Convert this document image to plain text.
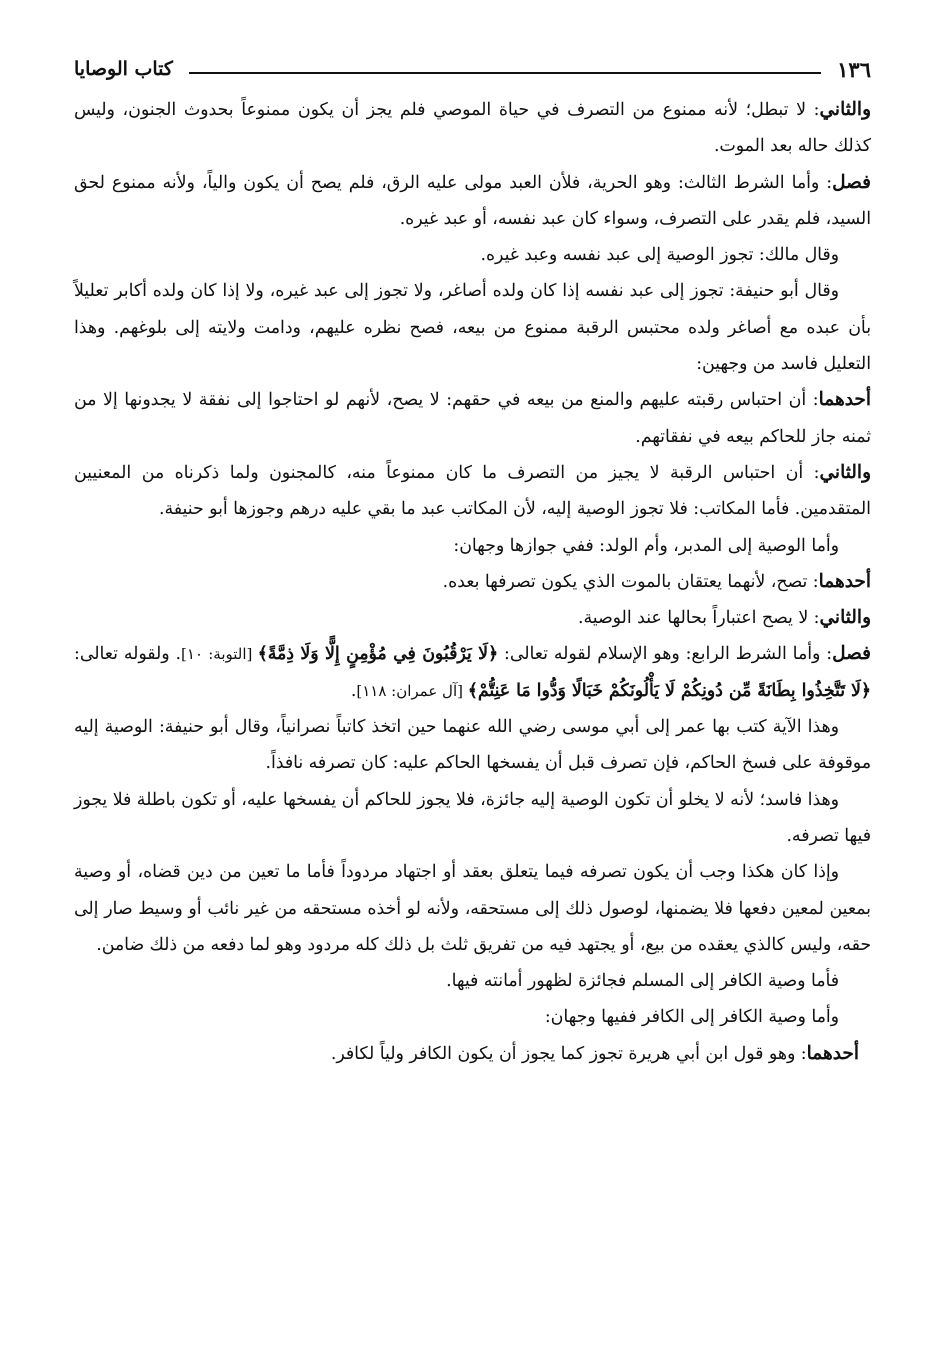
١٣٦
كتاب الوصايا

والثاني: لا تبطل؛ لأنه ممنوع من التصرف في حياة الموصي فلم يجز أن يكون ممنوعاً بحدوث الجنون، وليس كذلك حاله بعد الموت.

فصل: وأما الشرط الثالث: وهو الحرية، فلأن العبد مولى عليه الرق، فلم يصح أن يكون والياً، ولأنه ممنوع لحق السيد، فلم يقدر على التصرف، وسواء كان عبد نفسه، أو عبد غيره.

وقال مالك: تجوز الوصية إلى عبد نفسه وعبد غيره.

وقال أبو حنيفة: تجوز إلى عبد نفسه إذا كان ولده أصاغر، ولا تجوز إلى عبد غيره، ولا إذا كان ولده أكابر تعليلاً بأن عبده مع أصاغر ولده محتبس الرقبة ممنوع من بيعه، فصح نظره عليهم، ودامت ولايته إلى بلوغهم. وهذا التعليل فاسد من وجهين:

أحدهما: أن احتباس رقبته عليهم والمنع من بيعه في حقهم: لا يصح، لأنهم لو احتاجوا إلى نفقة لا يجدونها إلا من ثمنه جاز للحاكم بيعه في نفقاتهم.

والثاني: أن احتباس الرقبة لا يجيز من التصرف ما كان ممنوعاً منه، كالمجنون ولما ذكرناه من المعنيين المتقدمين. فأما المكاتب: فلا تجوز الوصية إليه، لأن المكاتب عبد ما بقي عليه درهم وجوزها أبو حنيفة.

وأما الوصية إلى المدبر، وأم الولد: ففي جوازها وجهان:

أحدهما: تصح، لأنهما يعتقان بالموت الذي يكون تصرفها بعده.

والثاني: لا يصح اعتباراً بحالها عند الوصية.

فصل: وأما الشرط الرابع: وهو الإسلام لقوله تعالى: ﴿لَا يَرْقُبُونَ فِي مُؤْمِنٍ إِلًّا وَلَا ذِمَّةً﴾ [التوبة: ١٠]. ولقوله تعالى: ﴿لَا تَتَّخِذُوا بِطَانَةً مِّن دُونِكُمْ لَا يَأْلُونَكُمْ خَبَالًا وَدُّوا مَا عَنِتُّمْ﴾ [آل عمران: ١١٨].

وهذا الآية كتب بها عمر إلى أبي موسى رضي الله عنهما حين اتخذ كاتباً نصرانياً، وقال أبو حنيفة: الوصية إليه موقوفة على فسخ الحاكم، فإن تصرف قبل أن يفسخها الحاكم عليه: كان تصرفه نافذاً.

وهذا فاسد؛ لأنه لا يخلو أن تكون الوصية إليه جائزة، فلا يجوز للحاكم أن يفسخها عليه، أو تكون باطلة فلا يجوز فيها تصرفه.

وإذا كان هكذا وجب أن يكون تصرفه فيما يتعلق بعقد أو اجتهاد مردوداً فأما ما تعين من دين قضاه، أو وصية بمعين لمعين دفعها فلا يضمنها، لوصول ذلك إلى مستحقه، ولأنه لو أخذه مستحقه من غير نائب أو وسيط صار إلى حقه، وليس كالذي يعقده من بيع، أو يجتهد فيه من تفريق ثلث بل ذلك كله مردود وهو لما دفعه من ذلك ضامن.

فأما وصية الكافر إلى المسلم فجائزة لظهور أمانته فيها.

وأما وصية الكافر إلى الكافر ففيها وجهان:

أحدهما: وهو قول ابن أبي هريرة تجوز كما يجوز أن يكون الكافر ولياً لكافر.
